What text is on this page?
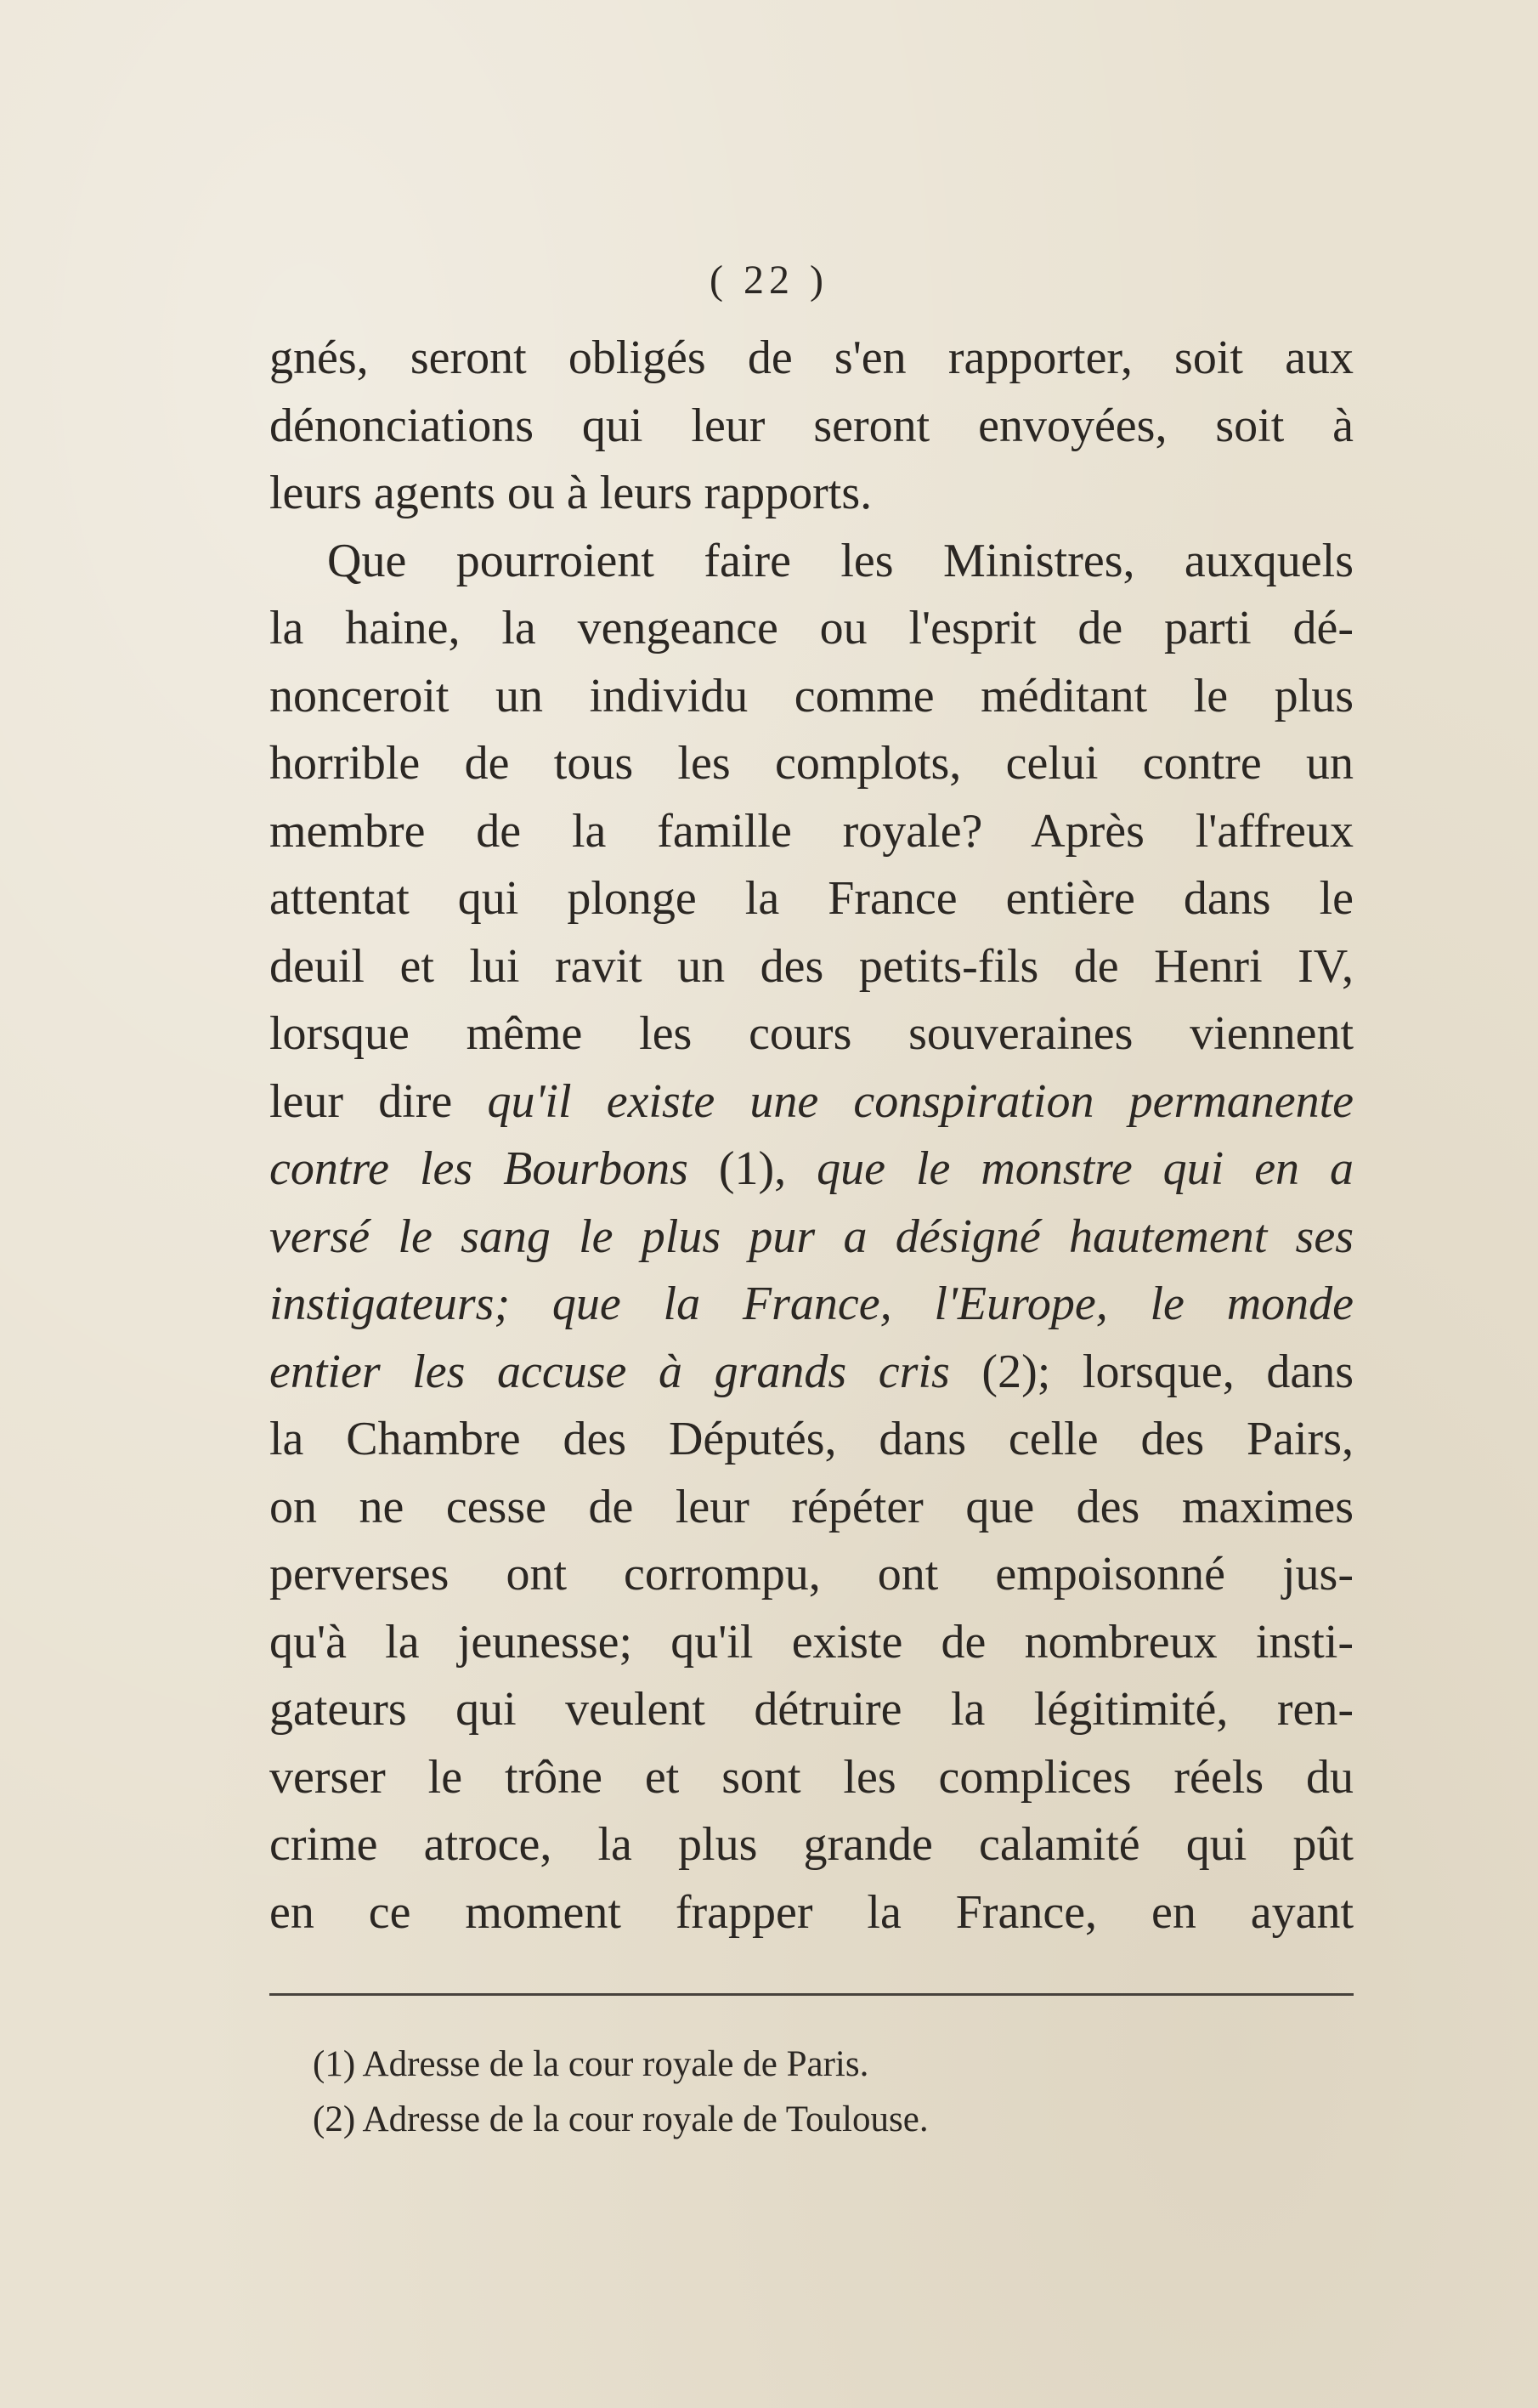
( 22 )
gnés, seront obligés de s'en rapporter, soit aux
dénonciations qui leur seront envoyées, soit à
leurs agents ou à leurs rapports.
Que pourroient faire les Ministres, auxquels
la haine, la vengeance ou l'esprit de parti dé-
nonceroit un individu comme méditant le plus
horrible de tous les complots, celui contre un
membre de la famille royale? Après l'affreux
attentat qui plonge la France entière dans le
deuil et lui ravit un des petits-fils de Henri IV,
lorsque même les cours souveraines viennent
leur dire qu'il existe une conspiration permanente
contre les Bourbons (1), que le monstre qui en a
versé le sang le plus pur a désigné hautement ses
instigateurs; que la France, l'Europe, le monde
entier les accuse à grands cris (2); lorsque, dans
la Chambre des Députés, dans celle des Pairs,
on ne cesse de leur répéter que des maximes
perverses ont corrompu, ont empoisonné jus-
qu'à la jeunesse; qu'il existe de nombreux insti-
gateurs qui veulent détruire la légitimité, ren-
verser le trône et sont les complices réels du
crime atroce, la plus grande calamité qui pût
en ce moment frapper la France, en ayant
(1) Adresse de la cour royale de Paris.
(2) Adresse de la cour royale de Toulouse.
